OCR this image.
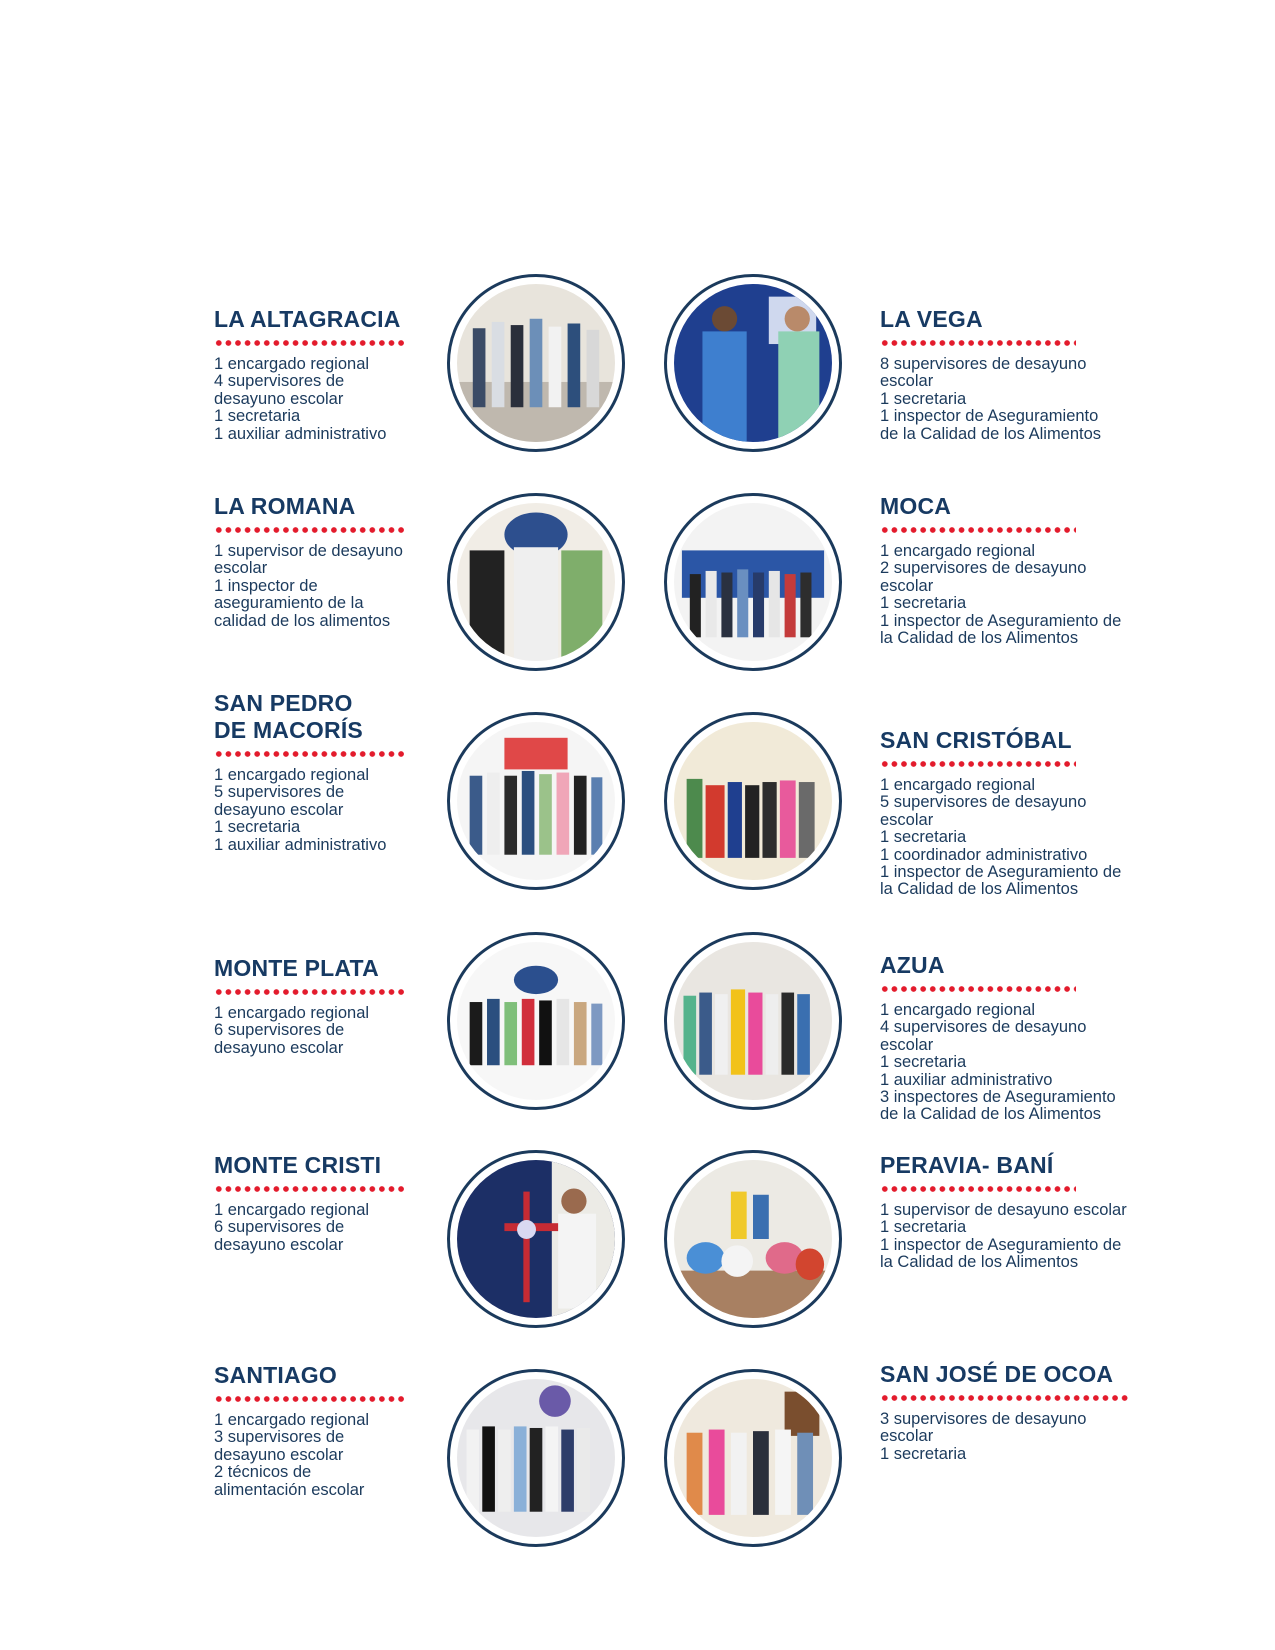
LA ALTAGRACIA
1 encargado regional
4 supervisores de
desayuno escolar
1 secretaria
1 auxiliar administrativo
LA VEGA
8 supervisores de desayuno
escolar
1 secretaria
1 inspector de Aseguramiento
de la Calidad de los Alimentos
LA ROMANA
1 supervisor de desayuno
escolar
1 inspector de
aseguramiento de la
calidad de los alimentos
MOCA
1 encargado regional
2 supervisores de desayuno
escolar
1 secretaria
1 inspector de Aseguramiento de
la Calidad de los Alimentos
SAN PEDRO
DE MACORÍS
1 encargado regional
5 supervisores de
desayuno escolar
1 secretaria
1 auxiliar administrativo
SAN CRISTÓBAL
1 encargado regional
5 supervisores de desayuno
escolar
1 secretaria
1 coordinador administrativo
1 inspector de Aseguramiento de
la Calidad de los Alimentos
MONTE PLATA
1 encargado regional
6 supervisores de
desayuno escolar
AZUA
1 encargado regional
4 supervisores de desayuno
escolar
1 secretaria
1 auxiliar administrativo
3 inspectores de Aseguramiento
de la Calidad de los Alimentos
MONTE CRISTI
1 encargado regional
6 supervisores de
desayuno escolar
PERAVIA- BANÍ
1 supervisor de desayuno escolar
1 secretaria
1 inspector de Aseguramiento de
la Calidad de los Alimentos
SANTIAGO
1 encargado regional
3 supervisores de
desayuno escolar
2 técnicos de
alimentación escolar
SAN JOSÉ DE OCOA
3 supervisores de desayuno
escolar
1 secretaria
